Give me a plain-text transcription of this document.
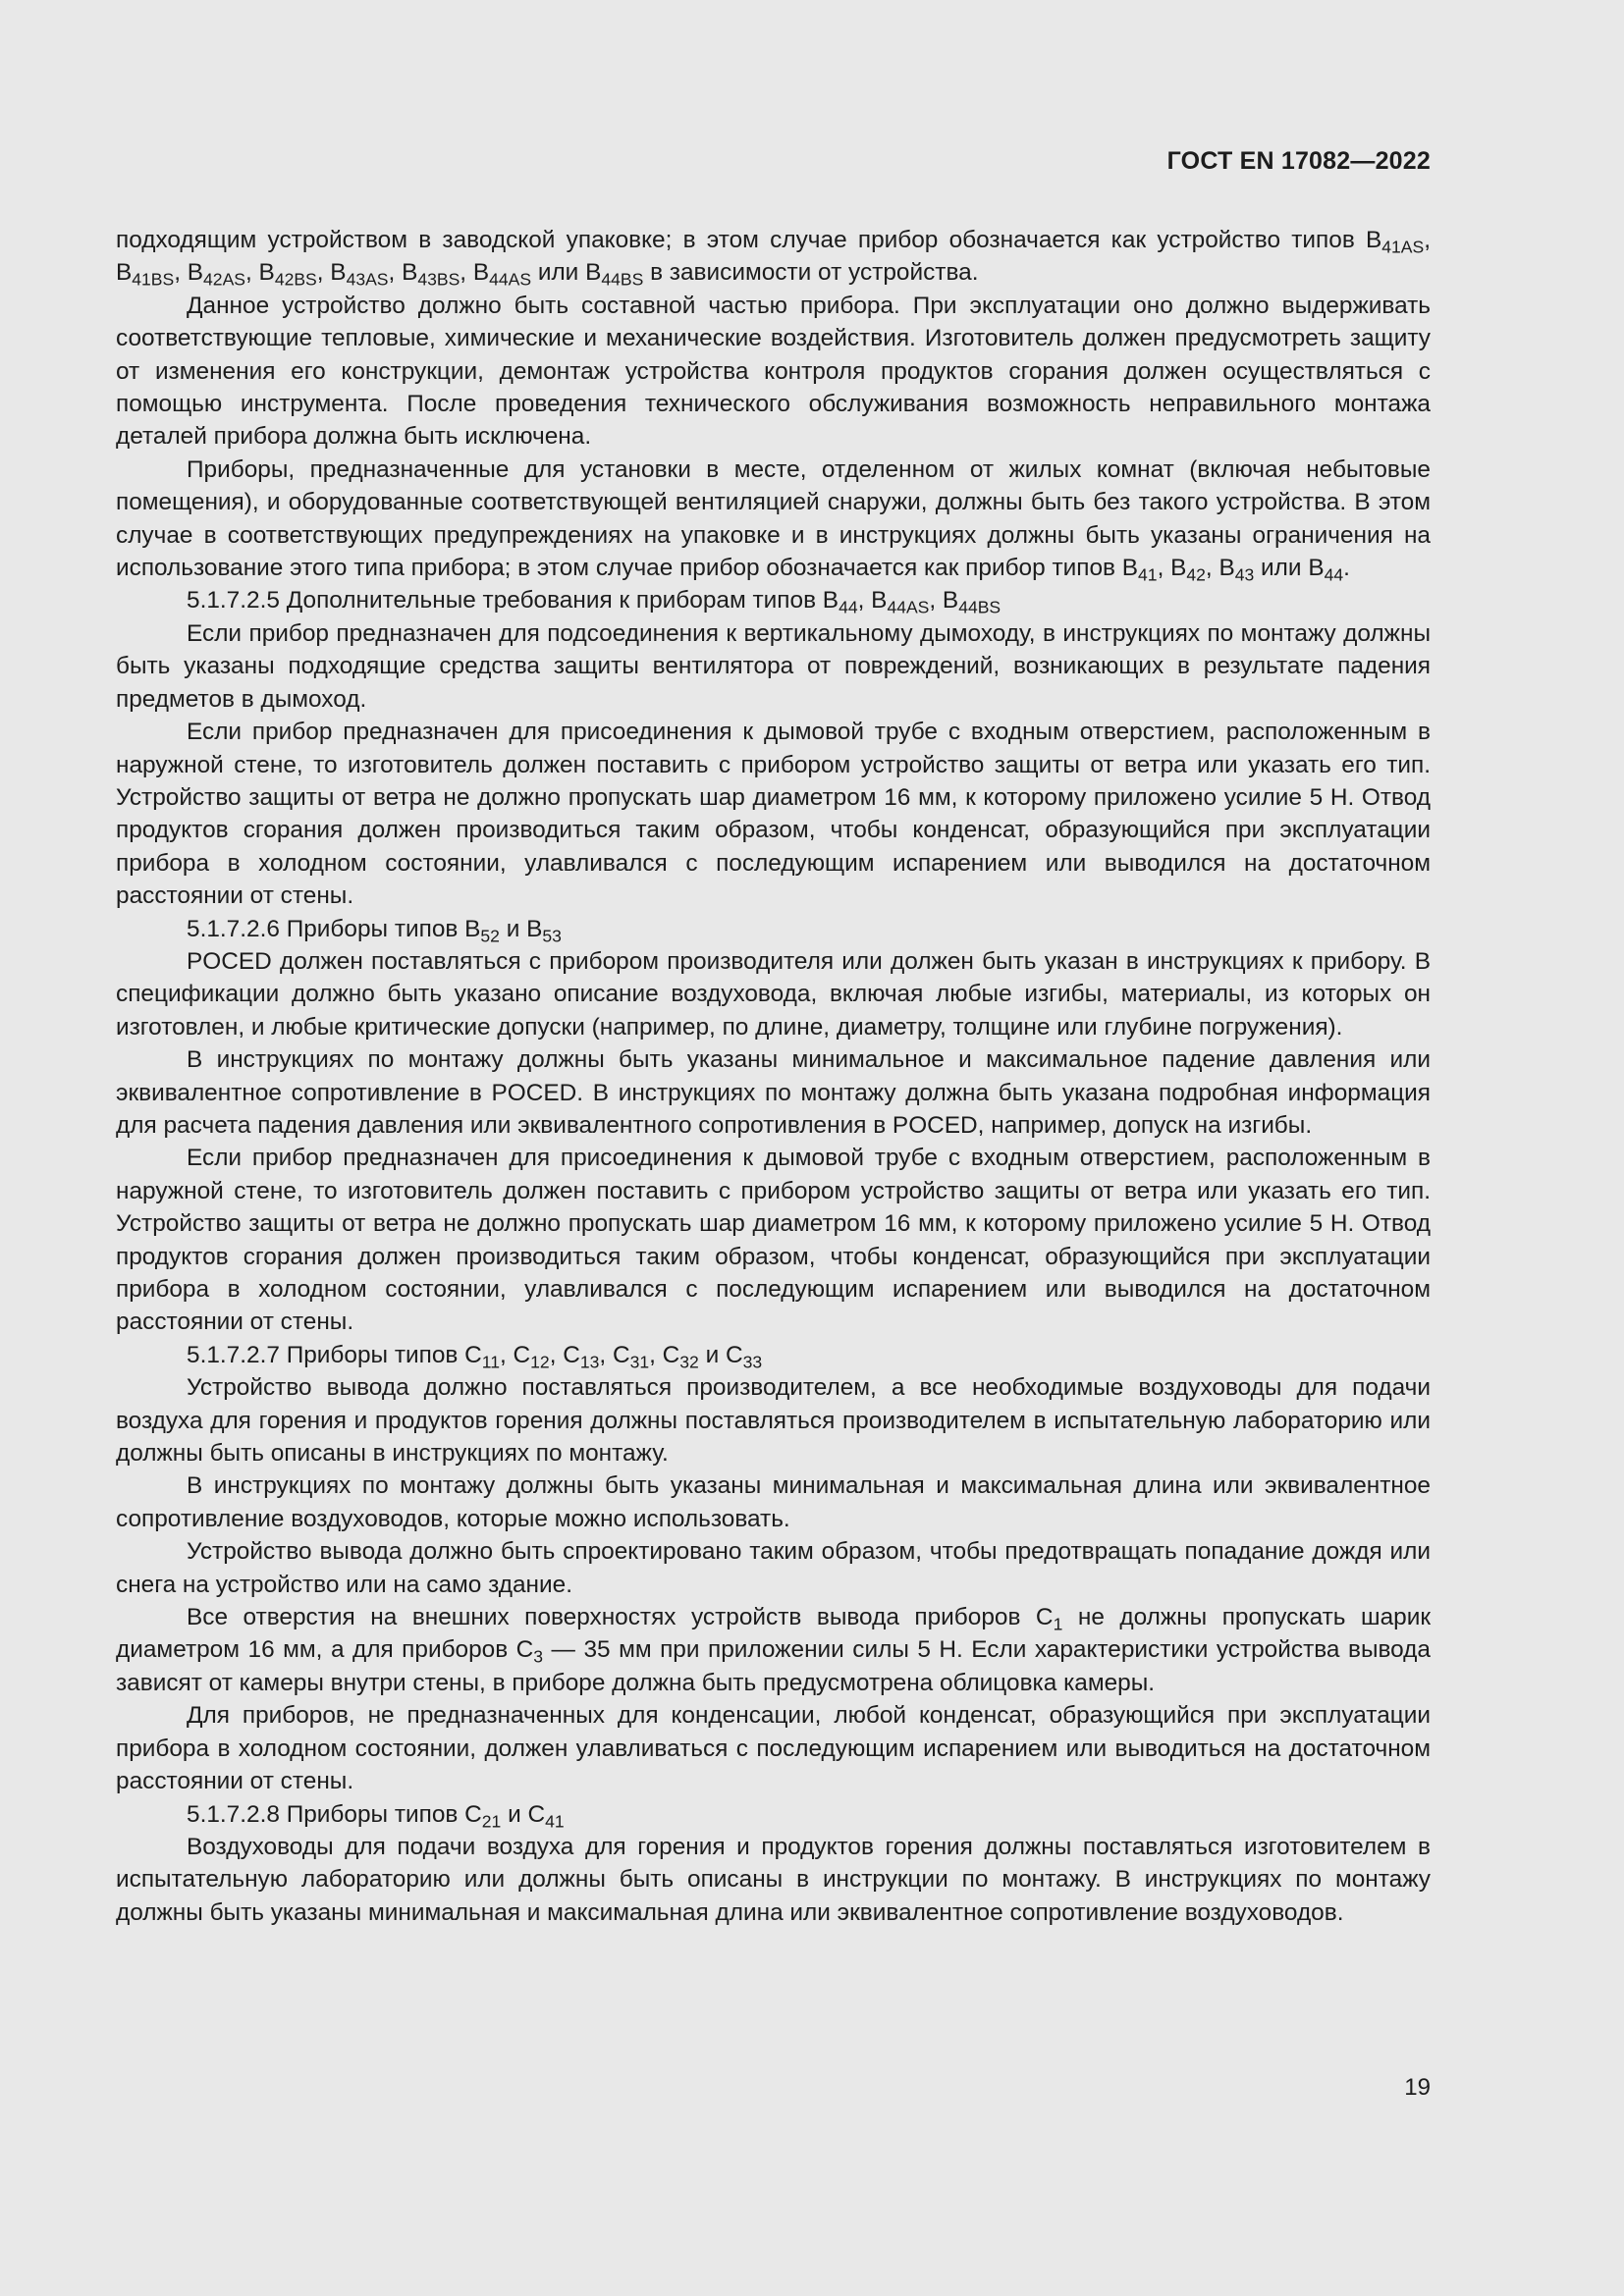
ГОСТ EN 17082—2022

подходящим устройством в заводской упаковке; в этом случае прибор обозначается как устройство типов $B_{41AS}$, $B_{41BS}$, $B_{42AS}$, $B_{42BS}$, $B_{43AS}$, $B_{43BS}$, $B_{44AS}$ или $B_{44BS}$ в зависимости от устройства.

Данное устройство должно быть составной частью прибора. При эксплуатации оно должно выдерживать соответствующие тепловые, химические и механические воздействия. Изготовитель должен предусмотреть защиту от изменения его конструкции, демонтаж устройства контроля продуктов сгорания должен осуществляться с помощью инструмента. После проведения технического обслуживания возможность неправильного монтажа деталей прибора должна быть исключена.

Приборы, предназначенные для установки в месте, отделенном от жилых комнат (включая небытовые помещения), и оборудованные соответствующей вентиляцией снаружи, должны быть без такого устройства. В этом случае в соответствующих предупреждениях на упаковке и в инструкциях должны быть указаны ограничения на использование этого типа прибора; в этом случае прибор обозначается как прибор типов $B_{41}$, $B_{42}$, $B_{43}$ или $B_{44}$.

5.1.7.2.5 Дополнительные требования к приборам типов $B_{44}$, $B_{44AS}$, $B_{44BS}$

Если прибор предназначен для подсоединения к вертикальному дымоходу, в инструкциях по монтажу должны быть указаны подходящие средства защиты вентилятора от повреждений, возникающих в результате падения предметов в дымоход.

Если прибор предназначен для присоединения к дымовой трубе с входным отверстием, расположенным в наружной стене, то изготовитель должен поставить с прибором устройство защиты от ветра или указать его тип. Устройство защиты от ветра не должно пропускать шар диаметром 16 мм, к которому приложено усилие 5 Н. Отвод продуктов сгорания должен производиться таким образом, чтобы конденсат, образующийся при эксплуатации прибора в холодном состоянии, улавливался с последующим испарением или выводился на достаточном расстоянии от стены.

5.1.7.2.6 Приборы типов $B_{52}$ и $B_{53}$

POCED должен поставляться с прибором производителя или должен быть указан в инструкциях к прибору. В спецификации должно быть указано описание воздуховода, включая любые изгибы, материалы, из которых он изготовлен, и любые критические допуски (например, по длине, диаметру, толщине или глубине погружения).

В инструкциях по монтажу должны быть указаны минимальное и максимальное падение давления или эквивалентное сопротивление в POCED. В инструкциях по монтажу должна быть указана подробная информация для расчета падения давления или эквивалентного сопротивления в POCED, например, допуск на изгибы.

Если прибор предназначен для присоединения к дымовой трубе с входным отверстием, расположенным в наружной стене, то изготовитель должен поставить с прибором устройство защиты от ветра или указать его тип. Устройство защиты от ветра не должно пропускать шар диаметром 16 мм, к которому приложено усилие 5 Н. Отвод продуктов сгорания должен производиться таким образом, чтобы конденсат, образующийся при эксплуатации прибора в холодном состоянии, улавливался с последующим испарением или выводился на достаточном расстоянии от стены.

5.1.7.2.7 Приборы типов $C_{11}$, $C_{12}$, $C_{13}$, $C_{31}$, $C_{32}$ и $C_{33}$

Устройство вывода должно поставляться производителем, а все необходимые воздуховоды для подачи воздуха для горения и продуктов горения должны поставляться производителем в испытательную лабораторию или должны быть описаны в инструкциях по монтажу.

В инструкциях по монтажу должны быть указаны минимальная и максимальная длина или эквивалентное сопротивление воздуховодов, которые можно использовать.

Устройство вывода должно быть спроектировано таким образом, чтобы предотвращать попадание дождя или снега на устройство или на само здание.

Все отверстия на внешних поверхностях устройств вывода приборов $C_1$ не должны пропускать шарик диаметром 16 мм, а для приборов $C_3$ — 35 мм при приложении силы 5 Н. Если характеристики устройства вывода зависят от камеры внутри стены, в приборе должна быть предусмотрена облицовка камеры.

Для приборов, не предназначенных для конденсации, любой конденсат, образующийся при эксплуатации прибора в холодном состоянии, должен улавливаться с последующим испарением или выводиться на достаточном расстоянии от стены.

5.1.7.2.8 Приборы типов $C_{21}$ и $C_{41}$

Воздуховоды для подачи воздуха для горения и продуктов горения должны поставляться изготовителем в испытательную лабораторию или должны быть описаны в инструкции по монтажу. В инструкциях по монтажу должны быть указаны минимальная и максимальная длина или эквивалентное сопротивление воздуховодов.

19
